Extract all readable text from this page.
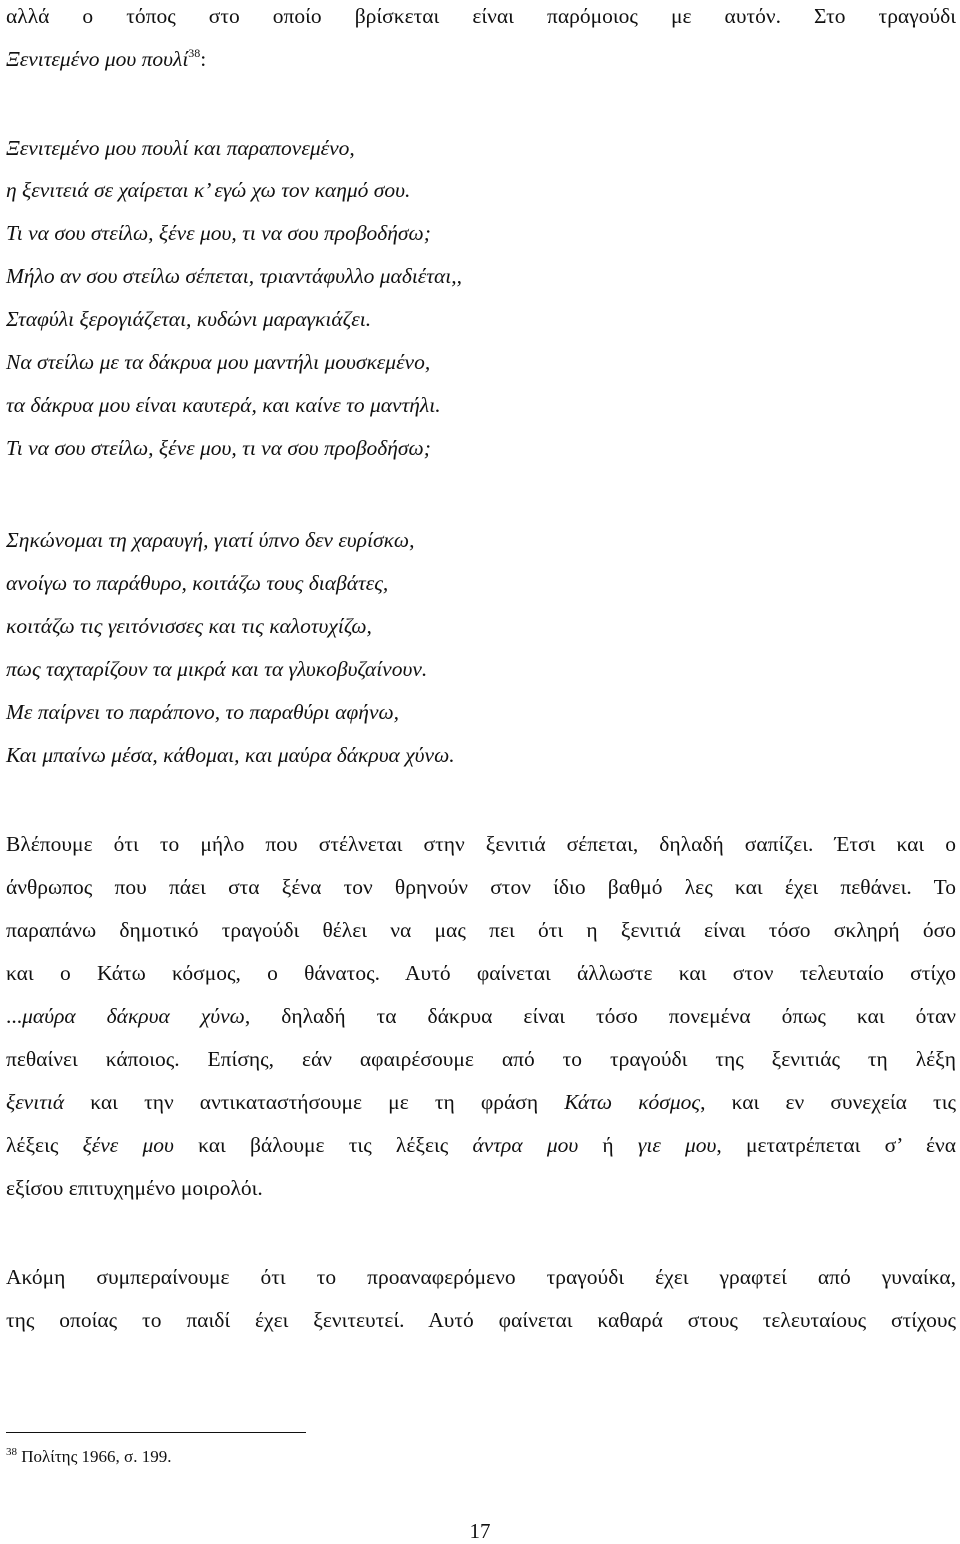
αλλά ο τόπος στο οποίο βρίσκεται είναι παρόμοιος με αυτόν. Στο τραγούδι
Ξενιτεμένο μου πουλί$^{38}$:
Ξενιτεμένο μου πουλί και παραπονεμένο,
η ξενιτειά σε χαίρεται κ’ εγώ χω τον καημό σου.
Τι να σου στείλω, ξένε μου, τι να σου προβοδήσω;
Μήλο αν σου στείλω σέπεται, τριαντάφυλλο μαδιέται,,
Σταφύλι ξερογιάζεται, κυδώνι μαραγκιάζει.
Να στείλω με τα δάκρυα μου μαντήλι μουσκεμένο,
τα δάκρυα μου είναι καυτερά, και καίνε το μαντήλι.
Τι να σου στείλω, ξένε μου, τι να σου προβοδήσω;
Σηκώνομαι τη χαραυγή, γιατί ύπνο δεν ευρίσκω,
ανοίγω το παράθυρο, κοιτάζω τους διαβάτες,
κοιτάζω τις γειτόνισσες και τις καλοτυχίζω,
πως ταχταρίζουν τα μικρά και τα γλυκοβυζαίνουν.
Με παίρνει το παράπονο, το παραθύρι αφήνω,
Και μπαίνω μέσα, κάθομαι, και μαύρα δάκρυα χύνω.
Βλέπουμε ότι το μήλο που στέλνεται στην ξενιτιά σέπεται, δηλαδή σαπίζει. Έτσι και ο
άνθρωπος που πάει στα ξένα τον θρηνούν στον ίδιο βαθμό λες και έχει πεθάνει. Το
παραπάνω δημοτικό τραγούδι θέλει να μας πει ότι η ξενιτιά είναι τόσο σκληρή όσο
και ο Κάτω κόσμος, ο θάνατος. Αυτό φαίνεται άλλωστε και στον τελευταίο στίχο
...μαύρα δάκρυα χύνω, δηλαδή τα δάκρυα είναι τόσο πονεμένα όπως και όταν
πεθαίνει κάποιος. Επίσης, εάν αφαιρέσουμε από το τραγούδι της ξενιτιάς τη λέξη
ξενιτιά και την αντικαταστήσουμε με τη φράση Κάτω κόσμος, και εν συνεχεία τις
λέξεις ξένε μου και βάλουμε τις λέξεις άντρα μου ή γιε μου, μετατρέπεται σ’ ένα
εξίσου επιτυχημένο μοιρολόι.
Ακόμη συμπεραίνουμε ότι το προαναφερόμενο τραγούδι έχει γραφτεί από γυναίκα,
της οποίας το παιδί έχει ξενιτευτεί. Αυτό φαίνεται καθαρά στους τελευταίους στίχους
$^{38}$ Πολίτης 1966, σ. 199.
17
